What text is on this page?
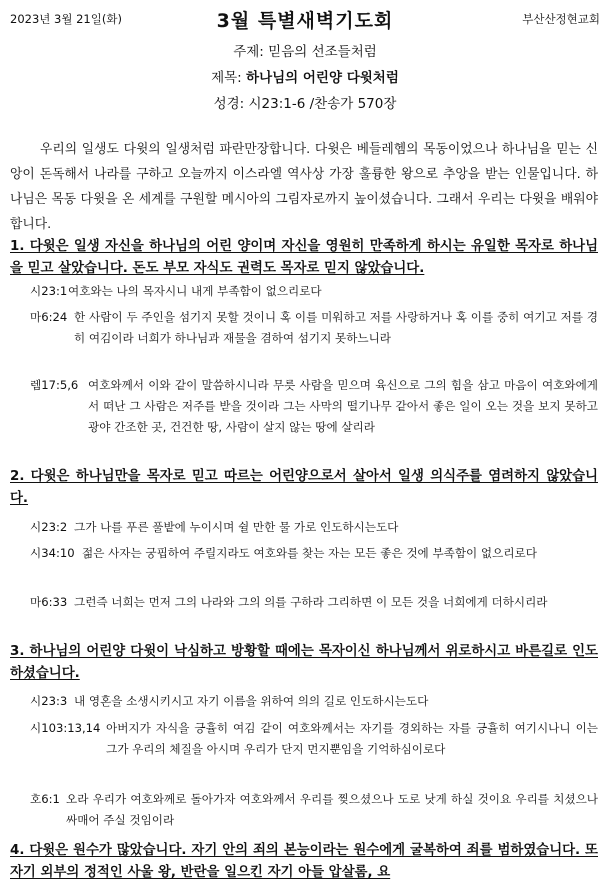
2023년 3월 21일(화)	3월 특별새벽기도회	부산산정현교회
주제: 믿음의 선조들처럼
제목: 하나님의 어린양 다윗처럼
성경: 시23:1-6 /찬송가 570장
우리의 일생도 다윗의 일생처럼 파란만장합니다. 다윗은 베들레헴의 목동이었으나 하나님을 믿는 신앙이 돈독해서 나라를 구하고 오늘까지 이스라엘 역사상 가장 훌륭한 왕으로 추앙을 받는 인물입니다. 하나님은 목동 다윗을 온 세계를 구원할 메시아의 그림자로까지 높이셨습니다. 그래서 우리는 다윗을 배워야 합니다.
1. 다윗은 일생 자신을 하나님의 어린 양이며 자신을 영원히 만족하게 하시는 유일한 목자로 하나님을 믿고 살았습니다. 돈도 부모 자식도 권력도 목자로 믿지 않았습니다.
시23:1 여호와는 나의 목자시니 내게 부족함이 없으리로다
마6:24 한 사람이 두 주인을 섬기지 못할 것이니 혹 이를 미워하고 저를 사랑하거나 혹 이를 중히 여기고 저를 경히 여김이라 너희가 하나님과 재물을 겸하여 섬기지 못하느니라
렘17:5,6 여호와께서 이와 같이 말씀하시니라 무릇 사람을 믿으며 육신으로 그의 힘을 삼고 마음이 여호와에게서 떠난 그 사람은 저주를 받을 것이라 그는 사막의 떨기나무 같아서 좋은 일이 오는 것을 보지 못하고 광야 간조한 곳, 건건한 땅, 사람이 살지 않는 땅에 살리라
2. 다윗은 하나님만을 목자로 믿고 따르는 어린양으로서 살아서 일생 의식주를 염려하지 않았습니다.
시23:2 그가 나를 푸른 풀밭에 누이시며 쉴 만한 물 가로 인도하시는도다
시34:10 젊은 사자는 궁핍하여 주릴지라도 여호와를 찾는 자는 모든 좋은 것에 부족함이 없으리로다
마6:33 그런즉 너희는 먼저 그의 나라와 그의 의를 구하라 그리하면 이 모든 것을 너희에게 더하시리라
3. 하나님의 어린양 다윗이 낙심하고 방황할 때에는 목자이신 하나님께서 위로하시고 바른길로 인도하셨습니다.
시23:3 내 영혼을 소생시키시고 자기 이름을 위하여 의의 길로 인도하시는도다
시103:13,14 아버지가 자식을 긍휼히 여김 같이 여호와께서는 자기를 경외하는 자를 긍휼히 여기시나니 이는 그가 우리의 체질을 아시며 우리가 단지 먼지뿐임을 기억하심이로다
호6:1 오라 우리가 여호와께로 돌아가자 여호와께서 우리를 찢으셨으나 도로 낫게 하실 것이요 우리를 치셨으나 싸매어 주실 것임이라
4. 다윗은 원수가 많았습니다. 자기 안의 죄의 본능이라는 원수에게 굴복하여 죄를 범하였습니다. 또 자기 외부의 정적인 사울 왕, 반란을 일으킨 자기 아들 압살롬, 요
